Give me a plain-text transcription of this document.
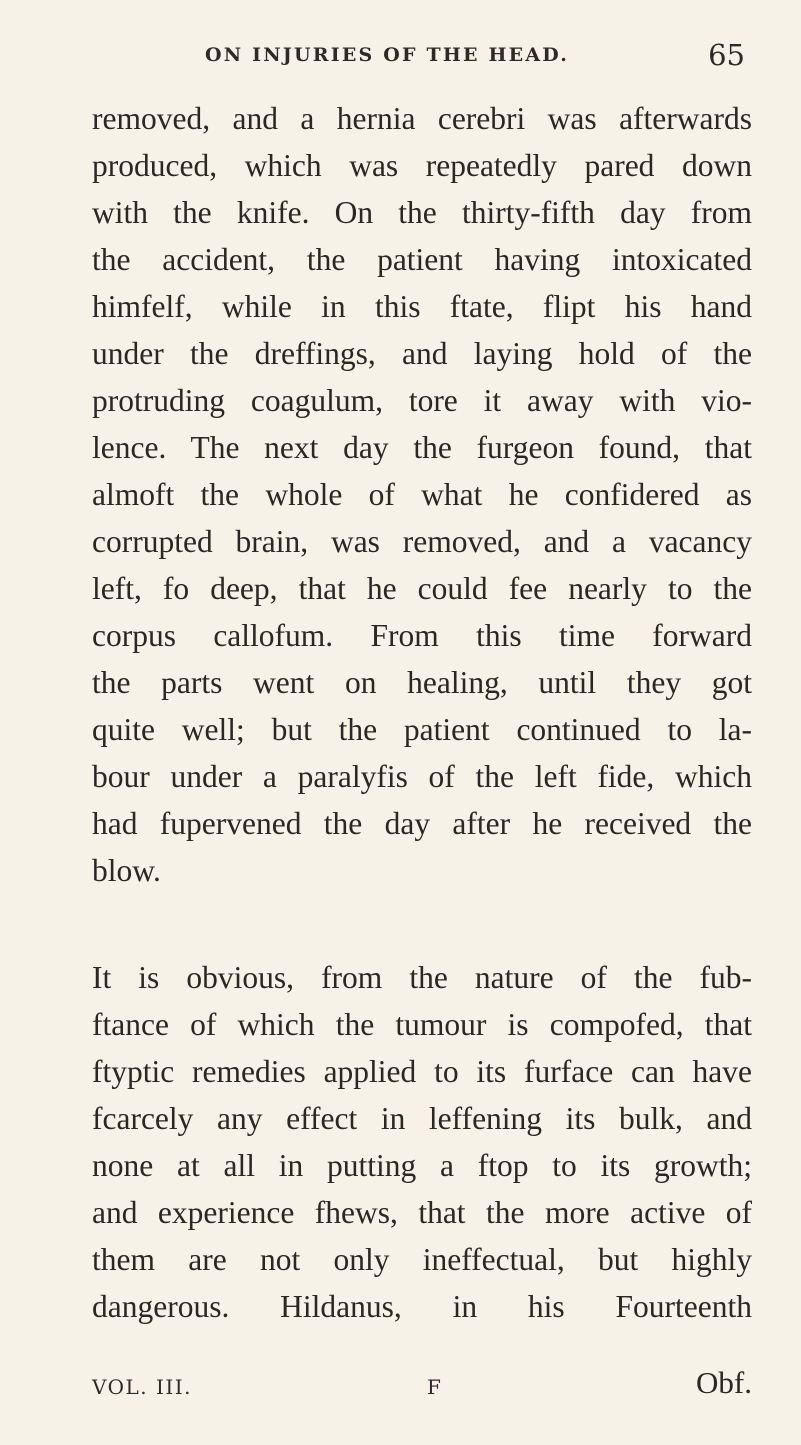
ON INJURIES OF THE HEAD.	65
removed, and a hernia cerebri was afterwards
produced, which was repeatedly pared down
with the knife. On the thirty-fifth day from
the accident, the patient having intoxicated
himfelf, while in this ftate, flipt his hand
under the dreffings, and laying hold of the
protruding coagulum, tore it away with vio-
lence. The next day the furgeon found, that
almoft the whole of what he confidered as
corrupted brain, was removed, and a vacancy
left, fo deep, that he could fee nearly to the
corpus callofum. From this time forward
the parts went on healing, until they got
quite well; but the patient continued to la-
bour under a paralyfis of the left fide, which
had fupervened the day after he received the
blow.
It is obvious, from the nature of the fub-
ftance of which the tumour is compofed, that
ftyptic remedies applied to its furface can have
fcarcely any effect in leffening its bulk, and
none at all in putting a ftop to its growth;
and experience fhews, that the more active of
them are not only ineffectual, but highly
dangerous. Hildanus, in his Fourteenth
VOL. III.	F	Obf.
